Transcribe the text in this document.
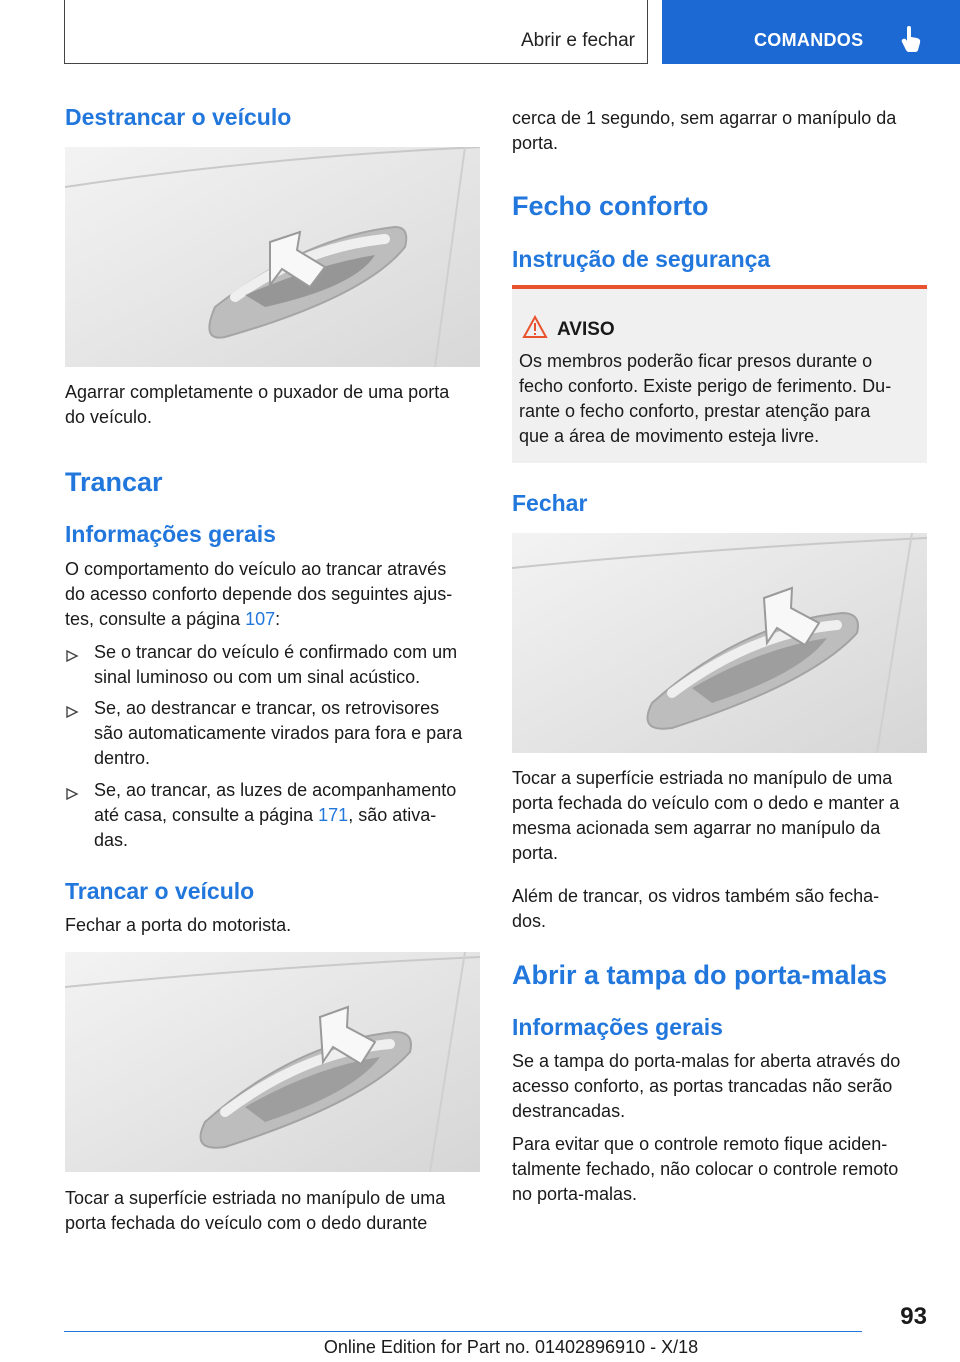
Abrir e fechar	COMANDOS
Destrancar o veículo
Agarrar completamente o puxador de uma porta
do veículo.
Trancar
Informações gerais
O comportamento do veículo ao trancar através
do acesso conforto depende dos seguintes ajus-
tes, consulte a página 107:
Se o trancar do veículo é confirmado com um
sinal luminoso ou com um sinal acústico.
Se, ao destrancar e trancar, os retrovisores
são automaticamente virados para fora e para
dentro.
Se, ao trancar, as luzes de acompanhamento
até casa, consulte a página 171, são ativa-
das.
Trancar o veículo
Fechar a porta do motorista.
Tocar a superfície estriada no manípulo de uma
porta fechada do veículo com o dedo durante
cerca de 1 segundo, sem agarrar o manípulo da
porta.
Fecho conforto
Instrução de segurança
AVISO
Os membros poderão ficar presos durante o
fecho conforto. Existe perigo de ferimento. Du-
rante o fecho conforto, prestar atenção para
que a área de movimento esteja livre.
Fechar
Tocar a superfície estriada no manípulo de uma
porta fechada do veículo com o dedo e manter a
mesma acionada sem agarrar no manípulo da
porta.
Além de trancar, os vidros também são fecha-
dos.
Abrir a tampa do porta-malas
Informações gerais
Se a tampa do porta-malas for aberta através do
acesso conforto, as portas trancadas não serão
destrancadas.
Para evitar que o controle remoto fique aciden-
talmente fechado, não colocar o controle remoto
no porta-malas.
93
Online Edition for Part no. 01402896910 - X/18
